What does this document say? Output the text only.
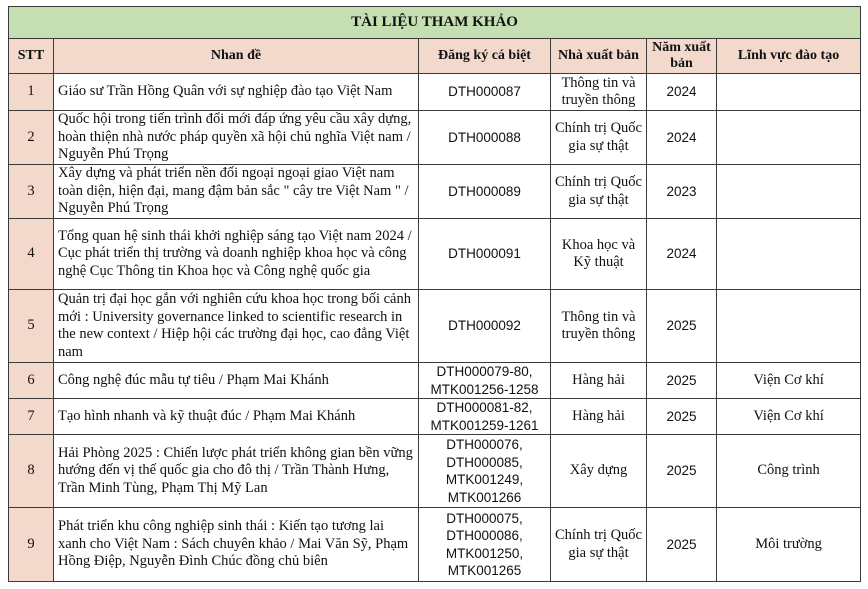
TÀI LIỆU THAM KHẢO					
STT	Nhan đề	Đăng ký cá biệt	Nhà xuất bản	Năm xuất bản	Lĩnh vực đào tạo
1	Giáo sư Trần Hồng Quân với sự nghiệp đào tạo Việt Nam	DTH000087	Thông tin và truyền thông	2024	
2	Quốc hội trong tiến trình đổi mới đáp ứng yêu cầu xây dựng, hoàn thiện nhà nước pháp quyền xã hội chủ nghĩa Việt nam / Nguyễn Phú Trọng	DTH000088	Chính trị Quốc gia sự thật	2024	
3	Xây dựng và phát triển nền đối ngoại ngoại giao Việt nam toàn diện, hiện đại, mang đậm bản sắc " cây tre Việt Nam " / Nguyễn Phú Trọng	DTH000089	Chính trị Quốc gia sự thật	2023	
4	Tổng quan hệ sinh thái khởi nghiệp sáng tạo Việt nam 2024 / Cục phát triển thị trường và doanh nghiệp khoa học và công nghệ Cục Thông tin Khoa học và Công nghệ quốc gia	DTH000091	Khoa học và Kỹ thuật	2024	
5	Quản trị đại học gắn với nghiên cứu khoa học trong bối cảnh mới : University governance linked to scientific research in the new context / Hiệp hội các trường đại học, cao đẳng Việt nam	DTH000092	Thông tin và truyền thông	2025	
6	Công nghệ đúc mẫu tự tiêu / Phạm Mai Khánh	DTH000079-80, MTK001256-1258	Hàng hải	2025	Viện Cơ khí
7	Tạo hình nhanh và kỹ thuật đúc / Phạm Mai Khánh	DTH000081-82, MTK001259-1261	Hàng hải	2025	Viện Cơ khí
8	Hải Phòng 2025 : Chiến lược phát triển không gian bền vững hướng đến vị thế quốc gia cho đô thị / Trần Thành Hưng, Trần Minh Tùng, Phạm Thị Mỹ Lan	DTH000076, DTH000085, MTK001249, MTK001266	Xây dựng	2025	Công trình
9	Phát triển khu công nghiệp sinh thái : Kiến tạo tương lai xanh cho Việt Nam : Sách chuyên khảo / Mai Văn Sỹ, Phạm Hồng Điệp, Nguyễn Đình Chúc đồng chủ biên	DTH000075, DTH000086, MTK001250, MTK001265	Chính trị Quốc gia sự thật	2025	Môi trường
